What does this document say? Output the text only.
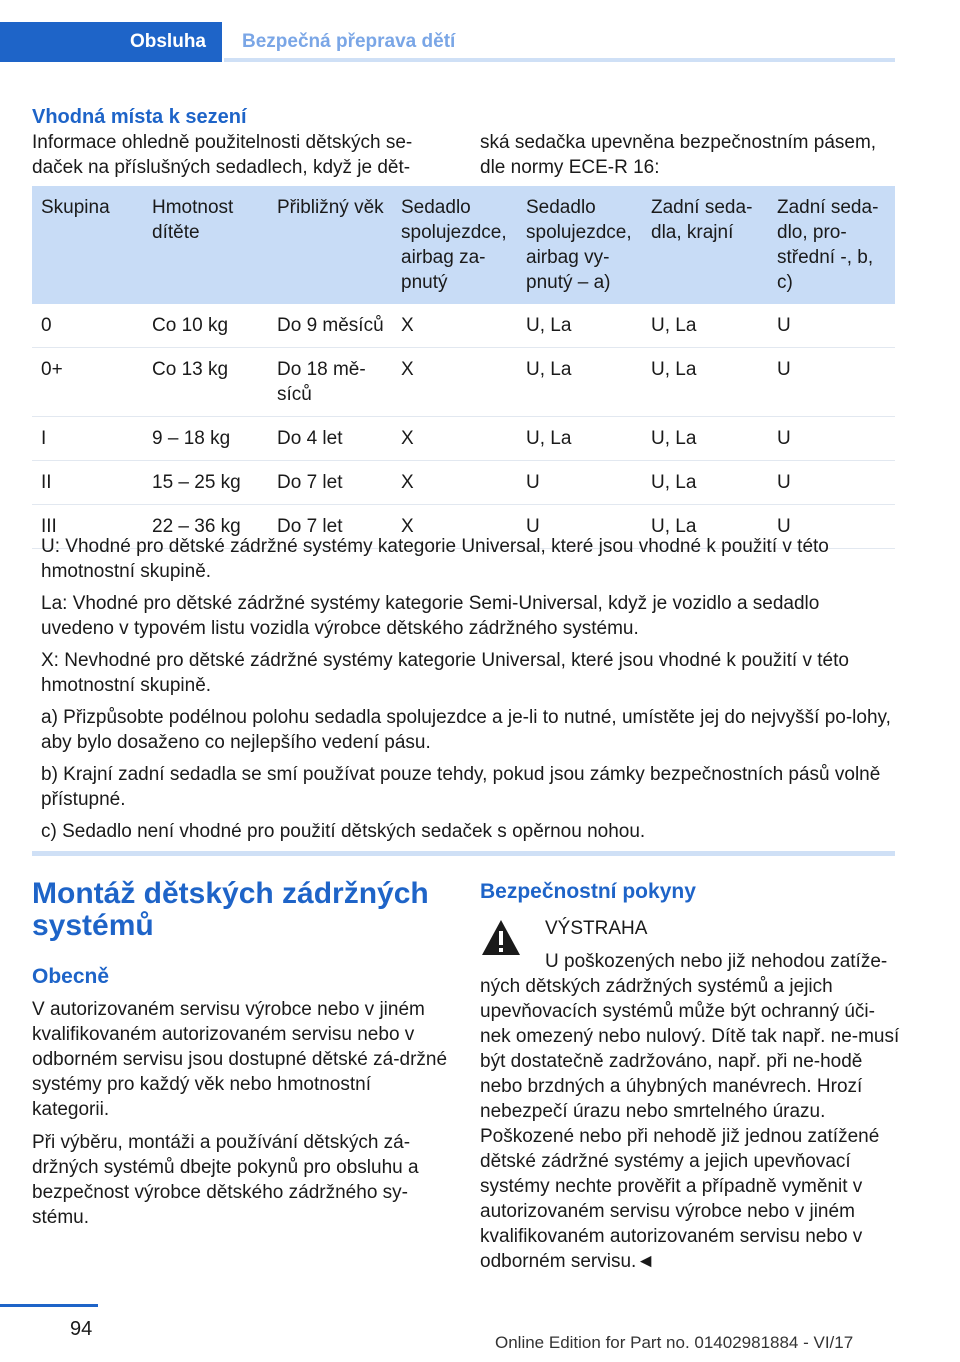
Obsluha	Bezpečná přeprava dětí
Vhodná místa k sezení
Informace ohledně použitelnosti dětských se‐daček na příslušných sedadlech, když je dět‐
ská sedačka upevněna bezpečnostním pásem, dle normy ECE-R 16:
Skupina	Hmotnost dítěte	Přibližný věk	Sedadlo spolujezdce, airbag za‐pnutý	Sedadlo spolujezdce, airbag vy‐pnutý – a)	Zadní seda‐dla, krajní	Zadní seda‐dlo, pro‐střední -, b, c)
0	Co 10 kg	Do 9 měsíců	X	U, La	U, La	U
0+	Co 13 kg	Do 18 mě‐síců	X	U, La	U, La	U
I	9 – 18 kg	Do 4 let	X	U, La	U, La	U
II	15 – 25 kg	Do 7 let	X	U	U, La	U
III	22 – 36 kg	Do 7 let	X	U	U, La	U

U: Vhodné pro dětské zádržné systémy kategorie Universal, které jsou vhodné k použití v této hmotnostní skupině.

La: Vhodné pro dětské zádržné systémy kategorie Semi-Universal, když je vozidlo a sedadlo uvedeno v typovém listu vozidla výrobce dětského zádržného systému.

X: Nevhodné pro dětské zádržné systémy kategorie Universal, které jsou vhodné k použití v této hmotnostní skupině.

a) Přizpůsobte podélnou polohu sedadla spolujezdce a je-li to nutné, umístěte jej do nejvyšší po‐lohy, aby bylo dosaženo co nejlepšího vedení pásu.

b) Krajní zadní sedadla se smí používat pouze tehdy, pokud jsou zámky bezpečnostních pásů volně přístupné.

c) Sedadlo není vhodné pro použití dětských sedaček s opěrnou nohou.

Montáž dětských zádržných systémů
Obecně

V autorizovaném servisu výrobce nebo v jiném kvalifikovaném autorizovaném servisu nebo v odborném servisu jsou dostupné dětské zá‐držné systémy pro každý věk nebo hmotnostní kategorii.

Při výběru, montáži a používání dětských zá‐držných systémů dbejte pokynů pro obsluhu a bezpečnost výrobce dětského zádržného sy‐stému.

Bezpečnostní pokyny
VÝSTRAHA
U poškozených nebo již nehodou zatíže‐
ných dětských zádržných systémů a jejich upevňovacích systémů může být ochranný úči‐nek omezený nebo nulový. Dítě tak např. ne‐musí být dostatečně zadržováno, např. při ne‐hodě nebo brzdných a úhybných manévrech. Hrozí nebezpečí úrazu nebo smrtelného úrazu. Poškozené nebo při nehodě již jednou zatížené dětské zádržné systémy a jejich upevňovací systémy nechte prověřit a případně vyměnit v autorizovaném servisu výrobce nebo v jiném kvalifikovaném autorizovaném servisu nebo v odborném servisu.◄
94
Online Edition for Part no. 01402981884 - VI/17
